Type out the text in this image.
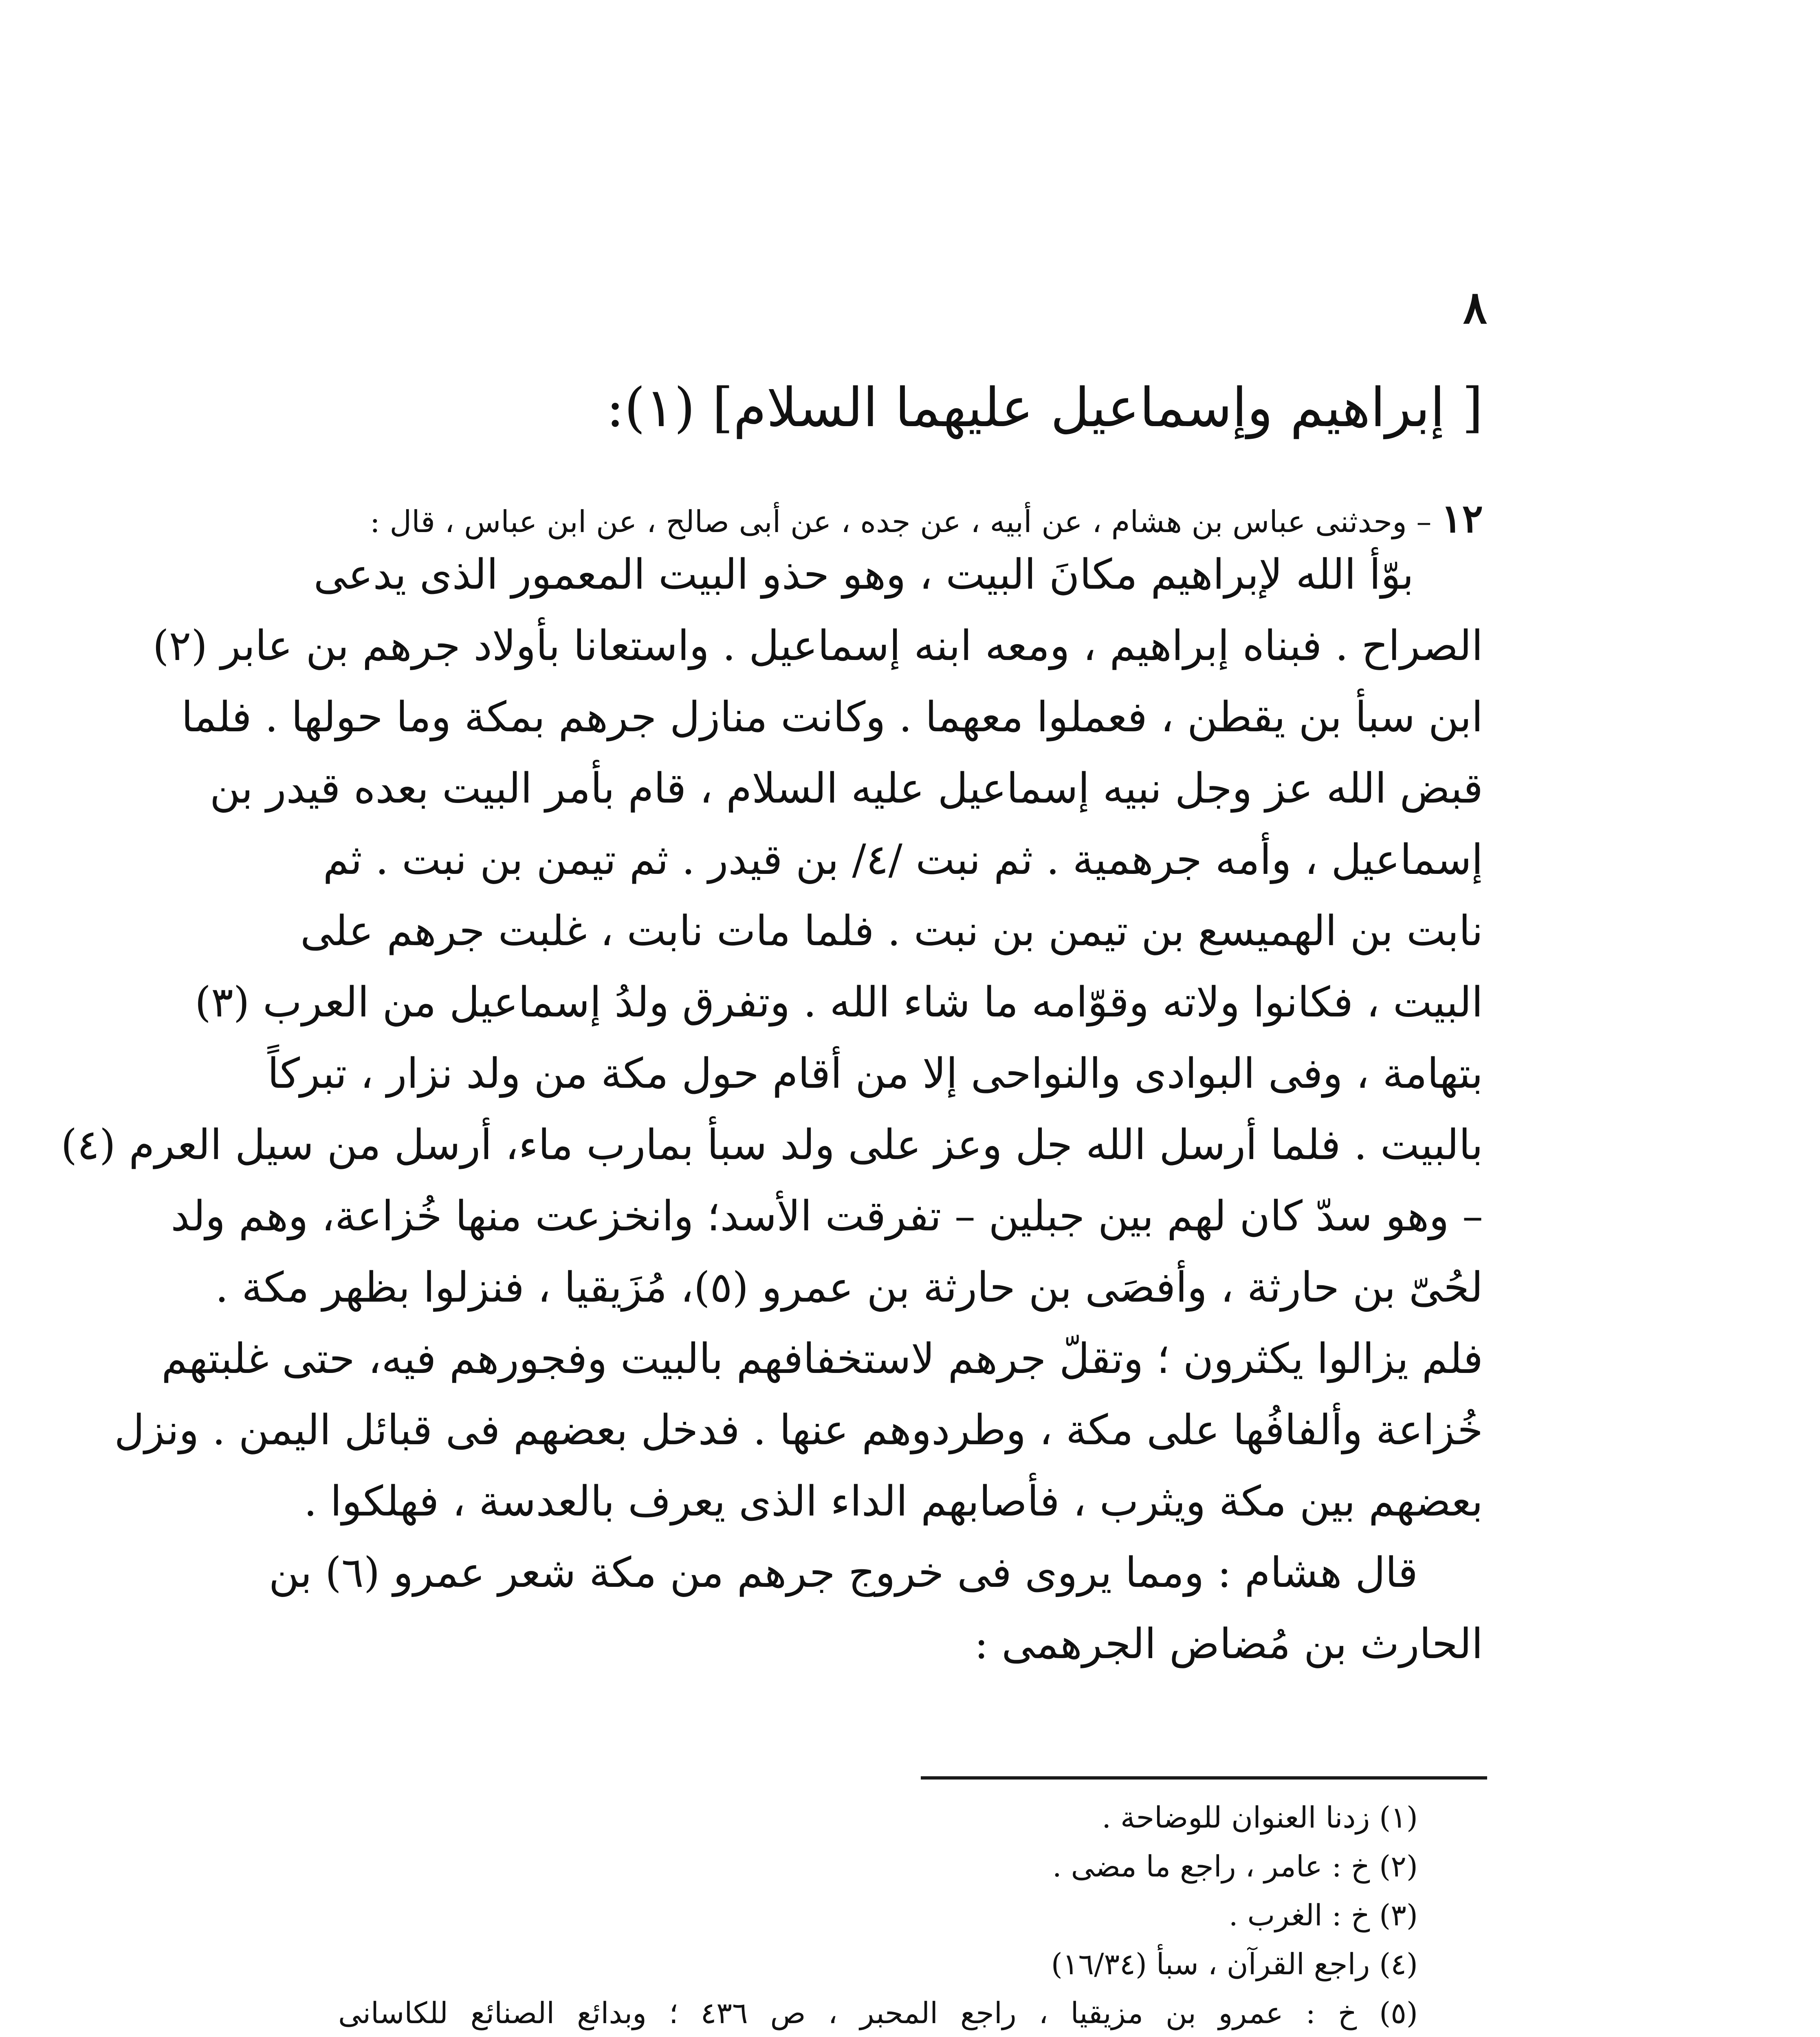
٨
[ إبراهيم وإسماعيل عليهما السلام] (١):
١٢ – وحدثنى عباس بن هشام ، عن أبيه ، عن جده ، عن أبى صالح ، عن ابن عباس ، قال :
بوّأ الله لإبراهيم مكانَ البيت ، وهو حذو البيت المعمور الذى يدعى
الصراح . فبناه إبراهيم ، ومعه ابنه إسماعيل . واستعانا بأولاد جرهم بن عابر (٢)
ابن سبأ بن يقطن ، فعملوا معهما . وكانت منازل جرهم بمكة وما حولها . فلما
قبض الله عز وجل نبيه إسماعيل عليه السلام ، قام بأمر البيت بعده قيدر بن
إسماعيل ، وأمه جرهمية . ثم نبت /٤/ بن قيدر . ثم تيمن بن نبت . ثم
نابت بن الهميسع بن تيمن بن نبت . فلما مات نابت ، غلبت جرهم على
البيت ، فكانوا ولاته وقوّامه ما شاء الله . وتفرق ولدُ إسماعيل من العرب (٣)
بتهامة ، وفى البوادى والنواحى إلا من أقام حول مكة من ولد نزار ، تبركاً
بالبيت . فلما أرسل الله جل وعز على ولد سبأ بمارب ماء، أرسل من سيل العرم (٤)
– وهو سدّ كان لهم بين جبلين – تفرقت الأسد؛ وانخزعت منها خُزاعة، وهم ولد
لحُىّ بن حارثة ، وأفصَى بن حارثة بن عمرو (٥)، مُزَيقيا ، فنزلوا بظهر مكة .
فلم يزالوا يكثرون ؛ وتقلّ جرهم لاستخفافهم بالبيت وفجورهم فيه، حتى غلبتهم
خُزاعة وألفافُها على مكة ، وطردوهم عنها . فدخل بعضهم فى قبائل اليمن . ونزل
بعضهم بين مكة ويثرب ، فأصابهم الداء الذى يعرف بالعدسة ، فهلكوا .
قال هشام : ومما يروى فى خروج جرهم من مكة شعر عمرو (٦) بن
الحارث بن مُضاض الجرهمى :
(١) زدنا العنوان للوضاحة .
(٢) خ : عامر ، راجع ما مضى .
(٣) خ : الغرب .
(٤) راجع القرآن ، سبأ (١٦/٣٤)
(٥) خ : عمرو بن مزيقيا ، راجع المحبر ، ص ٤٣٦ ؛ وبدائع الصنائع للكاسانى
